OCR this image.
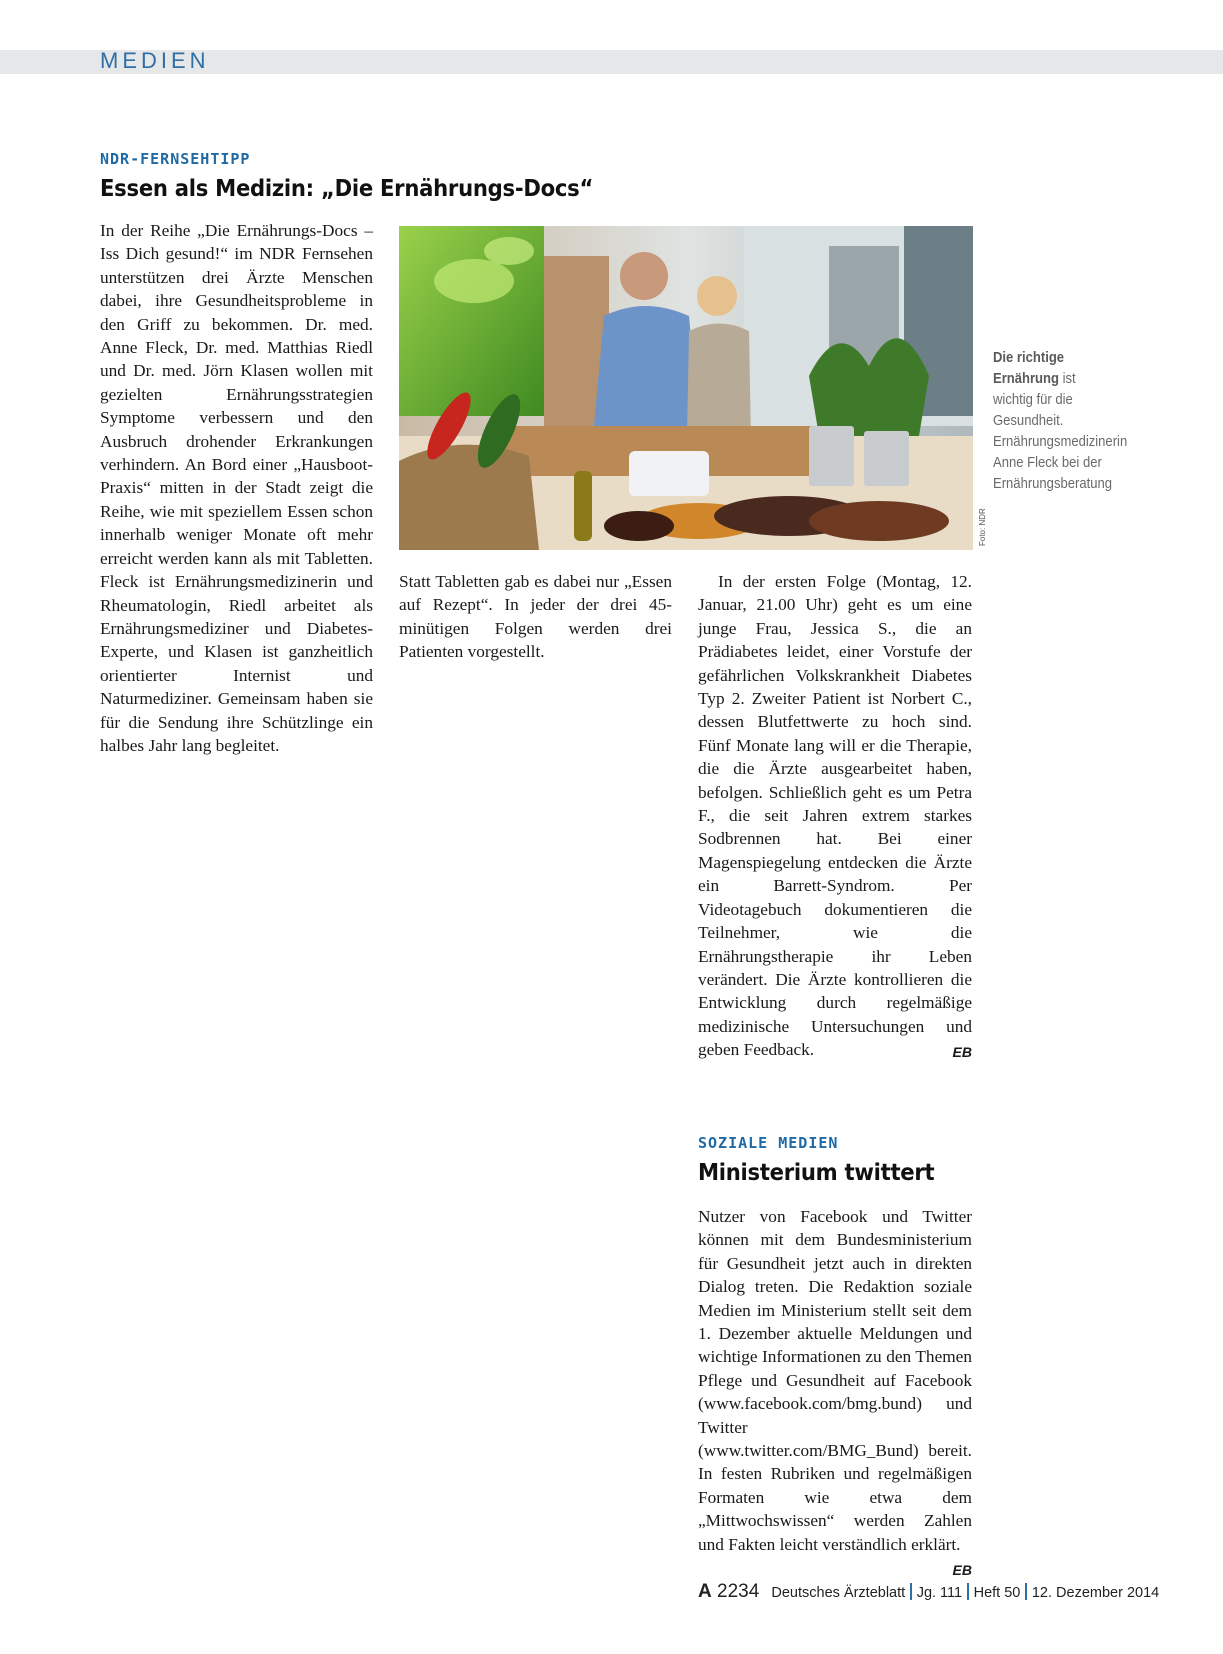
MEDIEN
NDR-FERNSEHTIPP
Essen als Medizin: „Die Ernährungs-Docs“

In der Reihe „Die Ernährungs-Docs – Iss Dich gesund!“ im NDR Fernsehen unterstützen drei Ärzte Menschen dabei, ihre Gesundheitsprobleme in den Griff zu bekommen. Dr. med. Anne Fleck, Dr. med. Matthias Riedl und Dr. med. Jörn Klasen wollen mit gezielten Ernährungsstrategien Symptome verbessern und den Ausbruch drohender Erkrankungen verhindern. An Bord einer „Hausboot-Praxis“ mitten in der Stadt zeigt die Reihe, wie mit speziellem Essen schon innerhalb weniger Monate oft mehr erreicht werden kann als mit Tabletten. Fleck ist Ernährungsmedizinerin und Rheumatologin, Riedl arbeitet als Ernährungsmediziner und Diabetes-Experte, und Klasen ist ganzheitlich orientierter Internist und Naturmediziner. Gemeinsam haben sie für die Sendung ihre Schützlinge ein halbes Jahr lang begleitet.

Statt Tabletten gab es dabei nur „Essen auf Rezept“. In jeder der drei 45-minütigen Folgen werden drei Patienten vorgestellt.

In der ersten Folge (Montag, 12. Januar, 21.00 Uhr) geht es um eine junge Frau, Jessica S., die an Prädiabetes leidet, einer Vorstufe der gefährlichen Volkskrankheit Diabetes Typ 2. Zweiter Patient ist Norbert C., dessen Blutfettwerte zu hoch sind. Fünf Monate lang will er die Therapie, die die Ärzte ausgearbeitet haben, befolgen. Schließlich geht es um Petra F., die seit Jahren extrem starkes Sodbrennen hat. Bei einer Magenspiegelung entdecken die Ärzte ein Barrett-Syndrom. Per Videotagebuch dokumentieren die Teilnehmer, wie die Ernährungstherapie ihr Leben verändert. Die Ärzte kontrollieren die Entwicklung durch regelmäßige medizinische Untersuchungen und geben Feedback.	EB

Foto: NDR
Die richtige Ernährung ist wichtig für die Gesundheit. Ernährungsmedizinerin Anne Fleck bei der Ernährungsberatung
SOZIALE MEDIEN
Ministerium twittert

Nutzer von Facebook und Twitter können mit dem Bundesministerium für Gesundheit jetzt auch in direkten Dialog treten. Die Redaktion soziale Medien im Ministerium stellt seit dem 1. Dezember aktuelle Meldungen und wichtige Informationen zu den Themen Pflege und Gesundheit auf Facebook (www.facebook.com/bmg.bund) und Twitter (www.twitter.com/BMG_Bund) bereit. In festen Rubriken und regelmäßigen Formaten wie etwa dem „Mittwochswissen“ werden Zahlen und Fakten leicht verständlich erklärt.
EB

A 2234 Deutsches Ärzteblatt Jg. 111 Heft 50 12. Dezember 2014
